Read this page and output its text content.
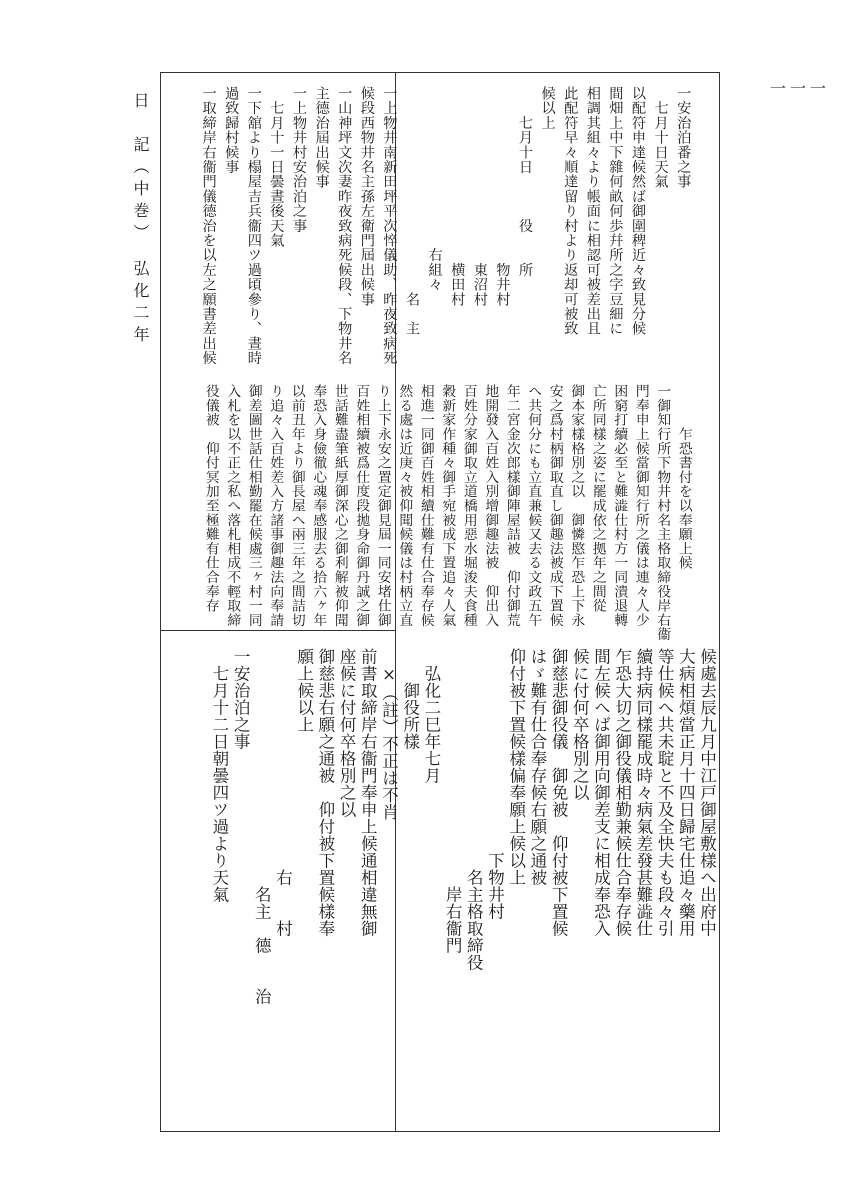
日　記（中巻）　弘化二年
一一一
一安治泊番之事
　七月十日天氣
以配符申達候然ば御圍稗近々致見分候
間畑上中下雜何畝何歩幷所之字豆細に
相調其組々より帳面に相認可被差出且
此配符早々順達留り村より返却可被致
候以上
　　七月十日　　　役　　所
　　　　　　　　　　　　物井村
　　　　　　　　　　　　東沼村
　　　　　　　　　　　　横田村
　　　　　　　　　　　右組々
　　　　　　　　　　　　　　名　主
一上物井南新田坪平次悴儀助、昨夜致病死
候段西物井名主孫左衛門屆出候事
一山神坪文次妻昨夜致病死候段、下物井名
主德治屆出候事
一上物井村安治泊之事
　七月十一日曇晝後天氣
一下舘より榻屋吉兵衞四ツ過頃參り、晝時
過致歸村候事
一取締岸右衞門儀德治を以左之願書差出候
　　　乍恐書付を以奉願上候
一御知行所下物井村名主格取締役岸右衞
門奉申上候當御知行所之儀は連々人少
困窮打續必至と難澁仕村方一同潰退轉
亡所同樣之姿に罷成依之拠年之間從
御本家樣格別之以　御憐愍乍恐上下永
安之爲村柄御取直し御趣法被成下置候
へ共何分にも立直兼候又去る文政五午
年二宮金次郎樣御陣屋詰被　仰付御荒
地開發入百姓入別增御趣法被　仰出入
百姓分家御取立道橋用惡水堀浚夫食種
穀新家作種々御手宛被成下置追々人氣
相進一同御百姓相續仕難有仕合奉存候
然る處は近庚々被仰聞候儀は村柄立直
り上下永安之置定御見屆一同安堵仕御
百姓相續被爲仕度段拋身命御丹誠之御
世話難盡筆紙厚御深心之御利解被仰聞
奉恐入身儉徹心魂奉感服去る拾六ヶ年
以前丑年より御長屋へ兩三年之間詰切
り追々入百姓差入方諸事御趣法向奉請
御差圖世話仕相勤罷在候處三ヶ村一同
入札を以不正之私へ落札相成不輕取締
役儀被　仰付冥加至極難有仕合奉存
候處去辰九月中江戸御屋敷樣へ出府中
大病相煩當正月十四日歸宅仕追々藥用
等仕候へ共未聢と不及全快夫も段々引
續持病同樣罷成時々病氣差發甚難澁仕
乍恐大切之御役儀相勤兼候仕合奉存候
間左候へば御用向御差支に相成奉恐入
候に付何卒格別之以
御慈悲御役儀　御免被　仰付被下置候
はゞ難有仕合奉存候右願之通被
仰付被下置候樣偏奉願上候以上
　　　　　　　　　　　　下物井村
　　　　　　　　　　　　　名主格取締役
　　　　　　　　　　　　　　岸右衞門
　弘化二巳年七月
　　御役所樣
　×（註）不正は不肖
前書取締岸右衞門奉申上候通相違無御
座候に付何卒格別之以
御慈悲右願之通被　仰付被下置候樣奉
願上候以上
　　　　　　　　　　　　　右　　村
　　　　　　　　　　　　　　名主　德　　治
一安治泊之事
　七月十二日朝曇四ツ過より天氣
